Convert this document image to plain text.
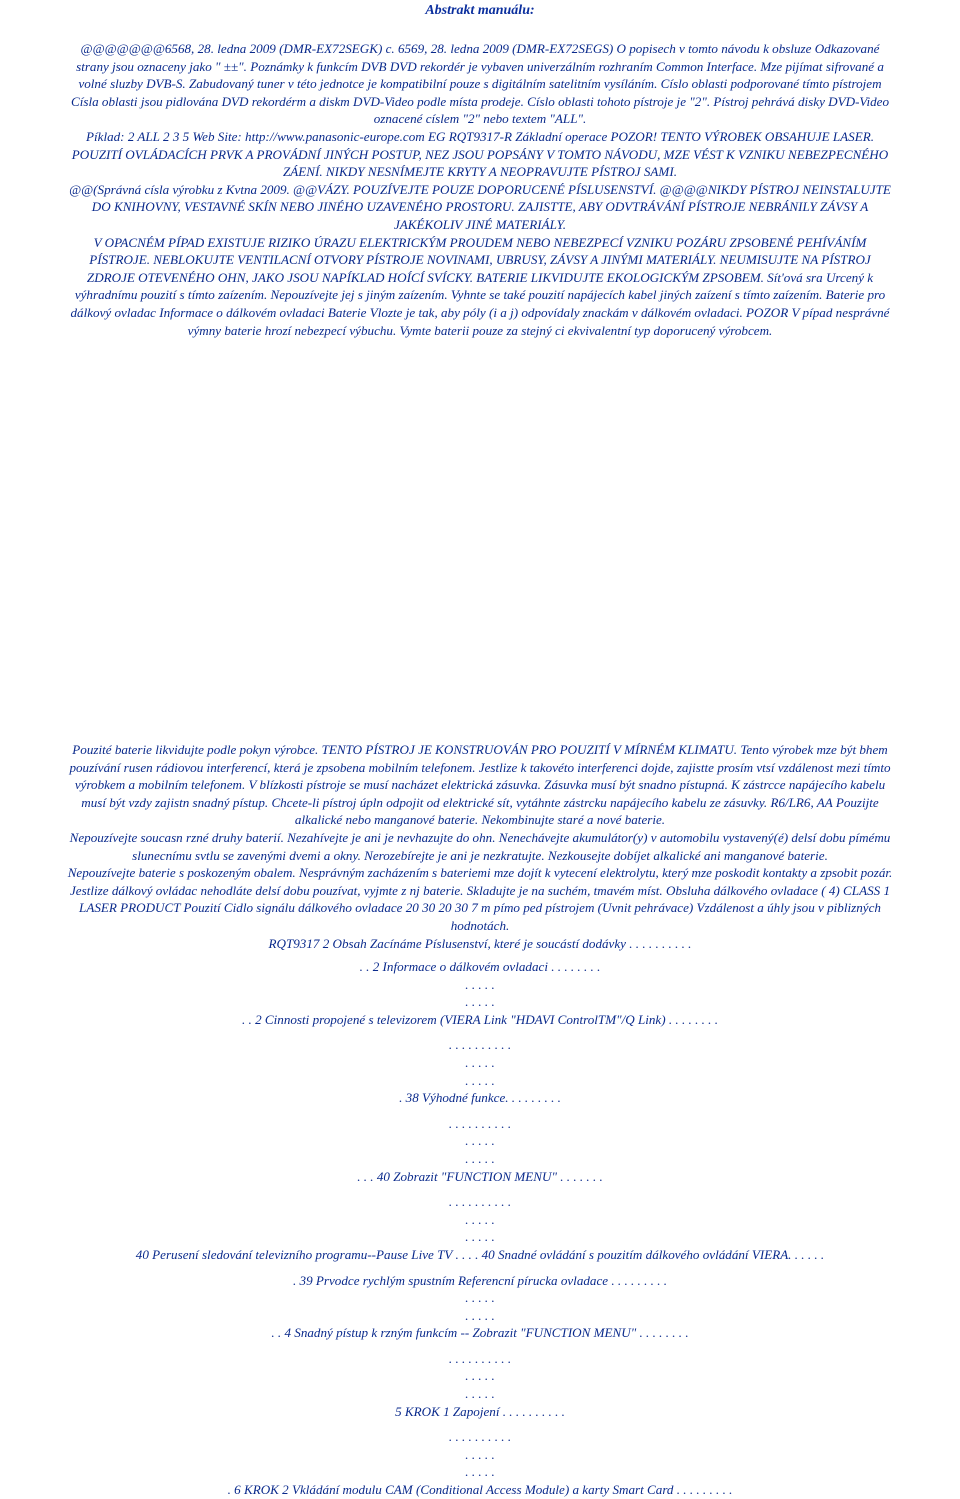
Abstrakt manuálu:

@@@@@@@6568, 28. ledna 2009 (DMR-EX72SEGK) c. 6569, 28. ledna 2009 (DMR-EX72SEGS) O popisech v tomto návodu k obsluze Odkazované

strany jsou oznaceny jako " ±±". Poznámky k funkcím DVB DVD rekordér je vybaven univerzálním rozhraním Common Interface. Mze pijímat sifrované a

volné sluzby DVB-S. Zabudovaný tuner v této jednotce je kompatibilní pouze s digitálním satelitním vysíláním. Císlo oblasti podporované tímto pístrojem

Císla oblasti jsou pidlována DVD rekordérm a diskm DVD-Video podle místa prodeje. Císlo oblasti tohoto pístroje je "2". Pístroj pehrává disky DVD-Video

oznacené císlem "2" nebo textem "ALL".

Píklad: 2 ALL 2 3 5 Web Site: http://www.panasonic-europe.com EG RQT9317-R Základní operace POZOR! TENTO VÝROBEK OBSAHUJE LASER.

POUZITÍ OVLÁDACÍCH PRVK A PROVÁDNÍ JINÝCH POSTUP, NEZ JSOU POPSÁNY V TOMTO NÁVODU, MZE VÉST K VZNIKU NEBEZPECNÉHO

ZÁENÍ. NIKDY NESNÍMEJTE KRYTY A NEOPRAVUJTE PÍSTROJ SAMI.

@@(Správná císla výrobku z Kvtna 2009. @@VÁZY. POUZÍVEJTE POUZE DOPORUCENÉ PÍSLUSENSTVÍ. @@@@NIKDY PÍSTROJ NEINSTALUJTE

DO KNIHOVNY, VESTAVNÉ SKÍN NEBO JINÉHO UZAVENÉHO PROSTORU. ZAJISTTE, ABY ODVTRÁVÁNÍ PÍSTROJE NEBRÁNILY ZÁVSY A

JAKÉKOLIV JINÉ MATERIÁLY.

V OPACNÉM PÍPAD EXISTUJE RIZIKO ÚRAZU ELEKTRICKÝM PROUDEM NEBO NEBEZPECÍ VZNIKU POZÁRU ZPSOBENÉ PEHÍVÁNÍM

PÍSTROJE. NEBLOKUJTE VENTILACNÍ OTVORY PÍSTROJE NOVINAMI, UBRUSY, ZÁVSY A JINÝMI MATERIÁLY. NEUMISUJTE NA PÍSTROJ

ZDROJE OTEVENÉHO OHN, JAKO JSOU NAPÍKLAD HOÍCÍ SVÍCKY. BATERIE LIKVIDUJTE EKOLOGICKÝM ZPSOBEM. Sít'ová sra Urcený k

výhradnímu pouzití s tímto zaízením. Nepouzívejte jej s jiným zaízením. Vyhnte se také pouzití napájecích kabel jiných zaízení s tímto zaízením. Baterie pro

dálkový ovladac Informace o dálkovém ovladaci Baterie Vlozte je tak, aby póly (i a j) odpovídaly znackám v dálkovém ovladaci. POZOR V pípad nesprávné

výmny baterie hrozí nebezpecí výbuchu. Vymte baterii pouze za stejný ci ekvivalentní typ doporucený výrobcem.

Pouzité baterie likvidujte podle pokyn výrobce. TENTO PÍSTROJ JE KONSTRUOVÁN PRO POUZITÍ V MÍRNÉM KLIMATU. Tento výrobek mze být bhem

pouzívání rusen rádiovou interferencí, která je zpsobena mobilním telefonem. Jestlize k takovéto interferenci dojde, zajistte prosím vtsí vzdálenost mezi tímto

výrobkem a mobilním telefonem. V blízkosti pístroje se musí nacházet elektrická zásuvka. Zásuvka musí být snadno pístupná. K zástrcce napájecího kabelu

musí být vzdy zajistn snadný pístup. Chcete-li pístroj úpln odpojit od elektrické sít, vytáhnte zástrcku napájecího kabelu ze zásuvky. R6/LR6, AA Pouzijte

alkalické nebo manganové baterie. Nekombinujte staré a nové baterie.

Nepouzívejte soucasn rzné druhy baterií. Nezahívejte je ani je nevhazujte do ohn. Nenechávejte akumulátor(y) v automobilu vystavený(é) delsí dobu pímému

slunecnímu svtlu se zavenými dvemi a okny. Nerozebírejte je ani je nezkratujte. Nezkousejte dobíjet alkalické ani manganové baterie.

Nepouzívejte baterie s poskozeným obalem. Nesprávným zacházením s bateriemi mze dojít k vytecení elektrolytu, který mze poskodit kontakty a zpsobit pozár.

Jestlize dálkový ovládac nehodláte delsí dobu pouzívat, vyjmte z nj baterie. Skladujte je na suchém, tmavém míst. Obsluha dálkového ovladace ( 4) CLASS 1

LASER PRODUCT Pouzití Cidlo signálu dálkového ovladace 20 30 20 30 7 m pímo ped pístrojem (Uvnit pehrávace) Vzdálenost a úhly jsou v piblizných

hodnotách.

RQT9317 2 Obsah Zacínáme Píslusenství, které je soucástí dodávky . . . . . . . . . .

. . 2 Informace o dálkovém ovladaci . . . . . . . .

. . . . .

. . . . .

. . 2 Cinnosti propojené s televizorem (VIERA Link "HDAVI ControlTM"/Q Link) . . . . . . . .

. . . . . . . . . .

. . . . .

. . . . .

. 38 Výhodné funkce. . . . . . . . .

. . . . . . . . . .

. . . . .

. . . . .

. . . 40 Zobrazit "FUNCTION MENU" . . . . . . .

. . . . . . . . . .

. . . . .

. . . . .

40 Perusení sledování televizního programu--Pause Live TV . . . . 40 Snadné ovládání s pouzitím dálkového ovládání VIERA. . . . . .

. 39 Prvodce rychlým spustním Referencní pírucka ovladace . . . . . . . . .

. . . . .

. . . . .

. . 4 Snadný pístup k rzným funkcím -- Zobrazit "FUNCTION MENU" . . . . . . . .

. . . . . . . . . .

. . . . .

. . . . .

5 KROK 1 Zapojení . . . . . . . . . .

. . . . . . . . . .

. . . . .

. . . . .

. 6 KROK 2 Vkládání modulu CAM (Conditional Access Module) a karty Smart Card . . . . . . . . .
